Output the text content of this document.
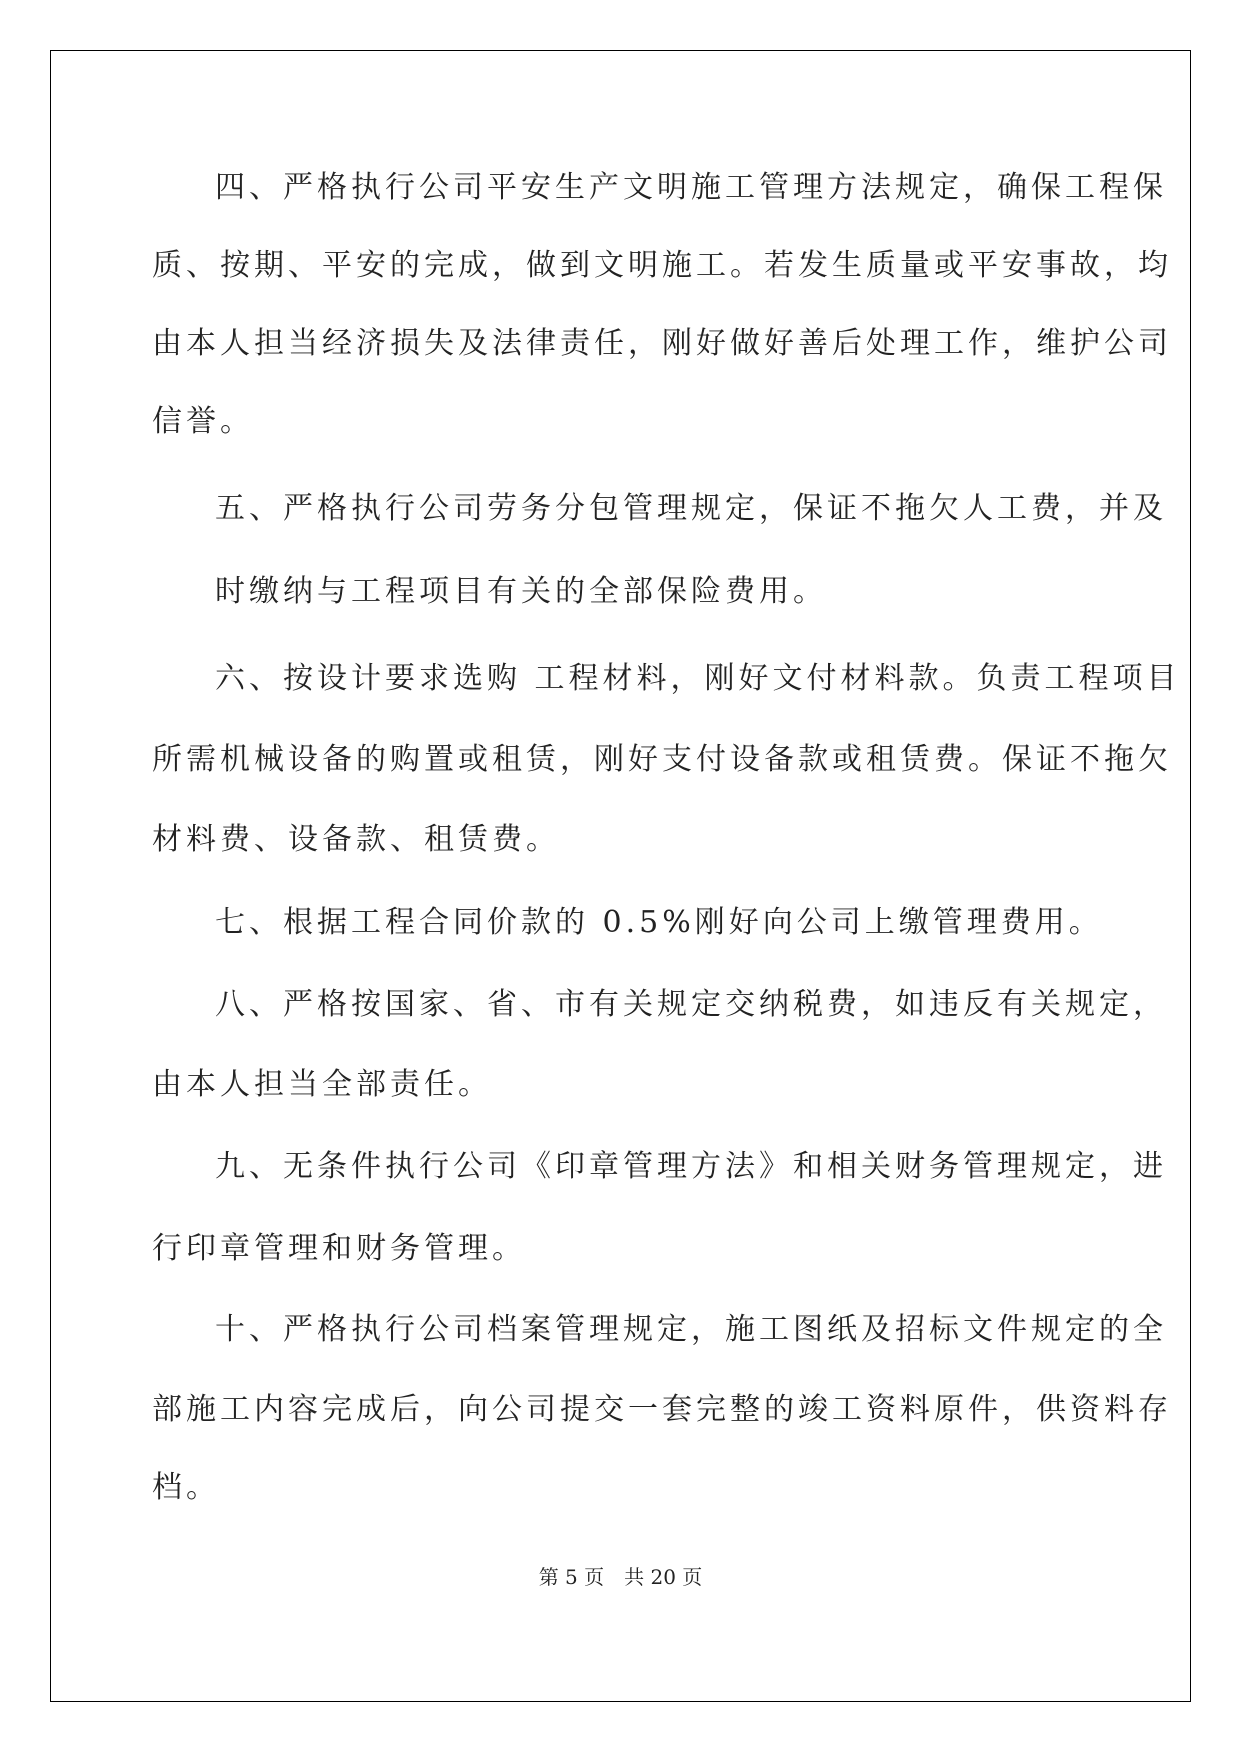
四、严格执行公司平安生产文明施工管理方法规定，确保工程保
质、按期、平安的完成，做到文明施工。若发生质量或平安事故，均
由本人担当经济损失及法律责任，刚好做好善后处理工作，维护公司
信誉。
五、严格执行公司劳务分包管理规定，保证不拖欠人工费，并及
时缴纳与工程项目有关的全部保险费用。
六、按设计要求选购 工程材料，刚好文付材料款。负责工程项目
所需机械设备的购置或租赁，刚好支付设备款或租赁费。保证不拖欠
材料费、设备款、租赁费。
七、根据工程合同价款的 0.5%刚好向公司上缴管理费用。
八、严格按国家、省、市有关规定交纳税费，如违反有关规定，
由本人担当全部责任。
九、无条件执行公司《印章管理方法》和相关财务管理规定，进
行印章管理和财务管理。
十、严格执行公司档案管理规定，施工图纸及招标文件规定的全
部施工内容完成后，向公司提交一套完整的竣工资料原件，供资料存
档。
第 5 页 共 20 页
